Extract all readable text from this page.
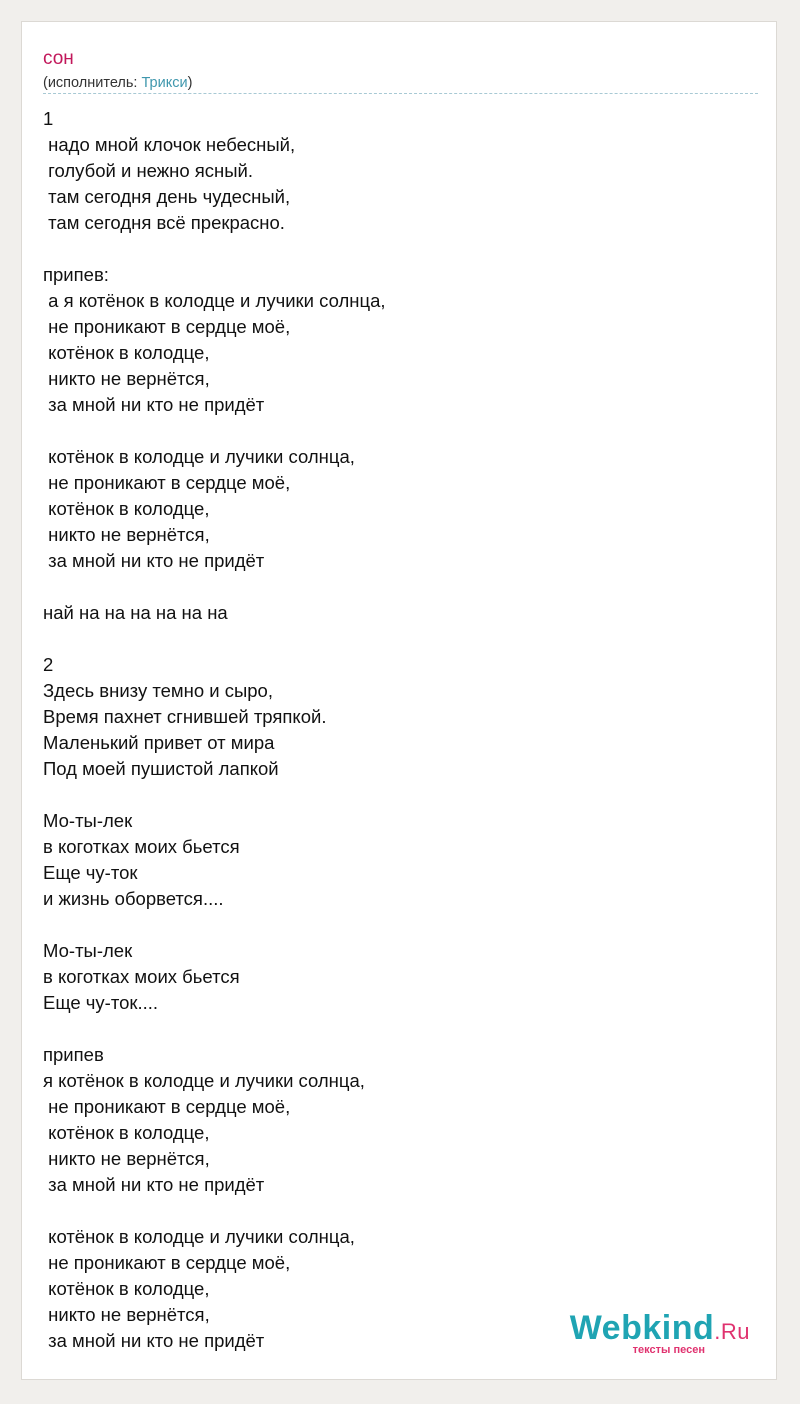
сон
(исполнитель: Трикси)
1
надо мной клочок небесный,
голубой и нежно ясный.
там сегодня день чудесный,
там сегодня всё прекрасно.
припев:
а я котёнок в колодце и лучики солнца,
не проникают в сердце моё,
котёнок в колодце,
никто не вернётся,
за мной ни кто не придёт
котёнок в колодце и лучики солнца,
не проникают в сердце моё,
котёнок в колодце,
никто не вернётся,
за мной ни кто не придёт
най на на на на на на
2
Здесь внизу темно и сыро,
Время пахнет сгнившей тряпкой.
Маленький привет от мира
Под моей пушистой лапкой
Мо-ты-лек
в коготках моих бьется
Еще чу-ток
и жизнь оборвется....
Мо-ты-лек
в коготках моих бьется
Еще чу-ток....
припев
я котёнок в колодце и лучики солнца,
не проникают в сердце моё,
котёнок в колодце,
никто не вернётся,
за мной ни кто не придёт
котёнок в колодце и лучики солнца,
не проникают в сердце моё,
котёнок в колодце,
никто не вернётся,
за мной ни кто не придёт	Webkind.Ru
тексты песен
